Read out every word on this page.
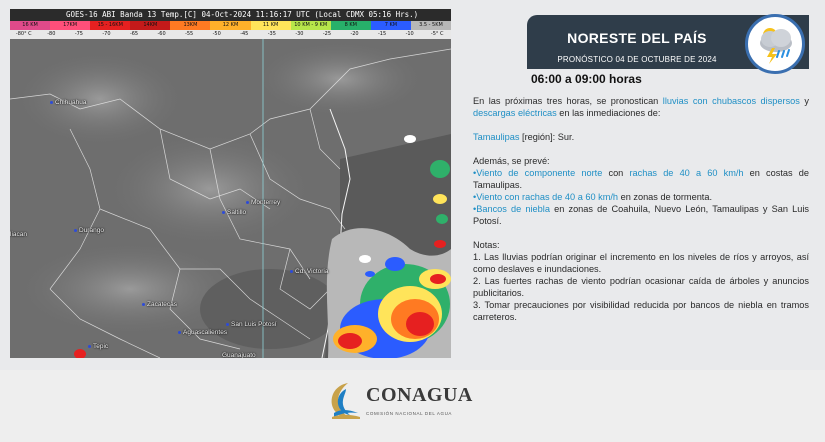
GOES-16 ABI Banda 13 Temp.[C] 04-Oct-2024 11:16:17 UTC (Local CDMX 05:16 Hrs.)
16 KM	17KM	15 - 16KM	14KM	13KM	12 KM	11 KM	10 KM - 9 KM	8 KM	7 KM	3.5 - 5KM
-80° C	-80	-75	-70	-65	-60	-55	-50	-45	-35	-30	-25	-20	-15	-10	-5° C
Chihuahua
Monterrey
Saltillo
liacan
Durango
Cd. Victoria
Zacatecas
San Luis Potosí
Aguascalientes
Tepic
Guanajuato
NORESTE DEL PAÍS
PRONÓSTICO 04 DE OCTUBRE DE 2024
06:00 a 09:00 horas

En las próximas tres horas, se pronostican lluvias con chubascos dispersos y descargas eléctricas en las inmediaciones de:

Tamaulipas [región]: Sur.

Además, se prevé:

•Viento de componente norte con rachas de 40 a 60 km/h en costas de Tamaulipas.

•Viento con rachas de 40 a 60 km/h en zonas de tormenta.

•Bancos de niebla en zonas de Coahuila, Nuevo León, Tamaulipas y San Luis Potosí.

Notas:

1. Las lluvias podrían originar el incremento en los niveles de ríos y arroyos, así como deslaves e inundaciones.

2. Las fuertes rachas de viento podrían ocasionar caída de árboles y anuncios publicitarios.

3. Tomar precauciones por visibilidad reducida por bancos de niebla en tramos carreteros.

CONAGUA
COMISIÓN NACIONAL DEL AGUA
